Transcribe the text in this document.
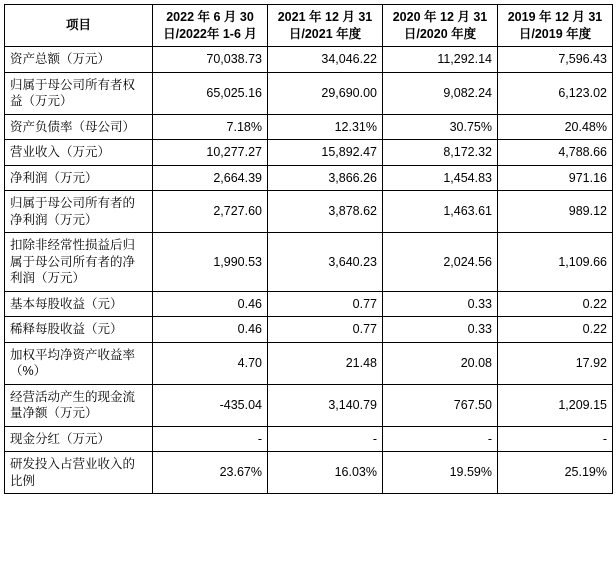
项目	2022 年 6 月 30 日/2022年 1-6 月	2021 年 12 月 31 日/2021 年度	2020 年 12 月 31 日/2020 年度	2019 年 12 月 31 日/2019 年度
资产总额（万元）	70,038.73	34,046.22	11,292.14	7,596.43
归属于母公司所有者权益（万元）	65,025.16	29,690.00	9,082.24	6,123.02
资产负债率（母公司）	7.18%	12.31%	30.75%	20.48%
营业收入（万元）	10,277.27	15,892.47	8,172.32	4,788.66
净利润（万元）	2,664.39	3,866.26	1,454.83	971.16
归属于母公司所有者的净利润（万元）	2,727.60	3,878.62	1,463.61	989.12
扣除非经常性损益后归属于母公司所有者的净利润（万元）	1,990.53	3,640.23	2,024.56	1,109.66
基本每股收益（元）	0.46	0.77	0.33	0.22
稀释每股收益（元）	0.46	0.77	0.33	0.22
加权平均净资产收益率（%）	4.70	21.48	20.08	17.92
经营活动产生的现金流量净额（万元）	-435.04	3,140.79	767.50	1,209.15
现金分红（万元）	-	-	-	-
研发投入占营业收入的比例	23.67%	16.03%	19.59%	25.19%
